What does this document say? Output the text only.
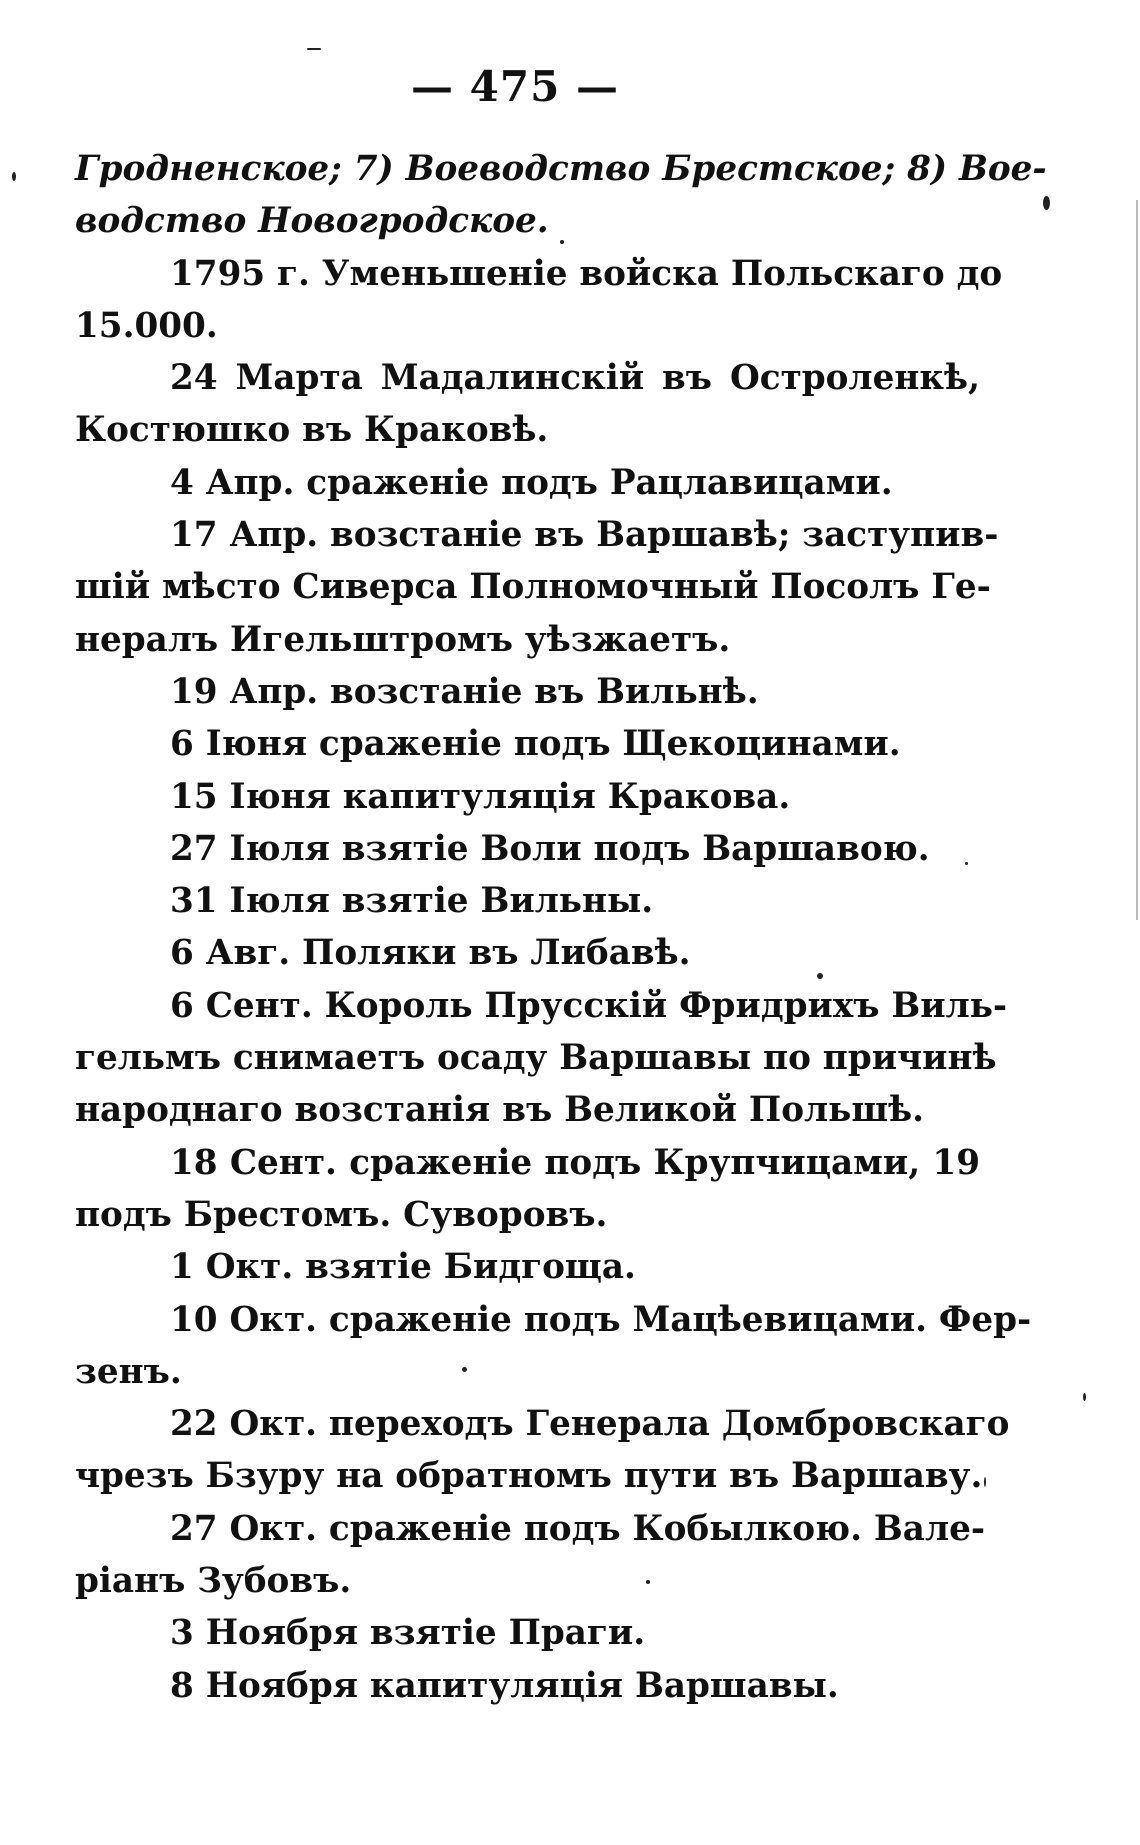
— 475 —
Гродненское; 7) Воеводство Брестское; 8) Вое-
водство Новогродское.
1795 г. Уменьшеніе войска Польскаго до
15.000.
24 Марта Мадалинскій въ Остроленкѣ,
Костюшко въ Краковѣ.
4 Апр. сраженіе подъ Рацлавицами.
17 Апр. возстаніе въ Варшавѣ; заступив-
шій мѣсто Сиверса Полномочный Посолъ Ге-
нералъ Игельштромъ уѣзжаетъ.
19 Апр. возстаніе въ Вильнѣ.
6 Іюня сраженіе подъ Щекоцинами.
15 Іюня капитуляція Кракова.
27 Іюля взятіе Воли подъ Варшавою.
31 Іюля взятіе Вильны.
6 Авг. Поляки въ Либавѣ.
6 Сент. Король Прусскій Фридрихъ Виль-
гельмъ снимаетъ осаду Варшавы по причинѣ
народнаго возстанія въ Великой Польшѣ.
18 Сент. сраженіе подъ Крупчицами, 19
подъ Брестомъ. Суворовъ.
1 Окт. взятіе Бидгоща.
10 Окт. сраженіе подъ Мацѣевицами. Фер-
зенъ.
22 Окт. переходъ Генерала Домбровскаго
чрезъ Бзуру на обратномъ пути въ Варшаву.
27 Окт. сраженіе подъ Кобылкою. Вале-
ріанъ Зубовъ.
3 Ноября взятіе Праги.
8 Ноября капитуляція Варшавы.
